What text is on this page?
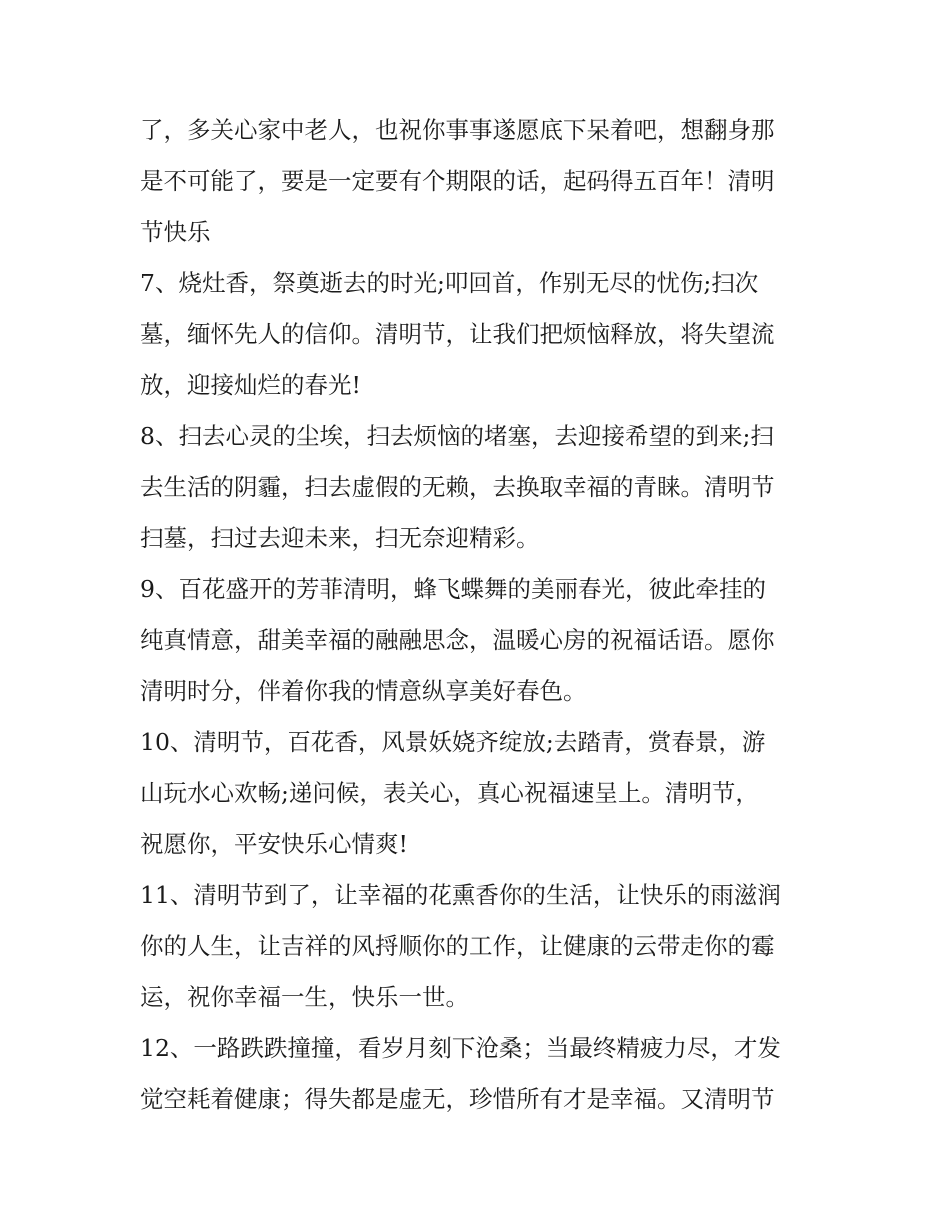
了，多关心家中老人，也祝你事事遂愿底下呆着吧，想翻身那
是不可能了，要是一定要有个期限的话，起码得五百年！清明
节快乐
7、烧灶香，祭奠逝去的时光;叩回首，作别无尽的忧伤;扫次
墓，缅怀先人的信仰。清明节，让我们把烦恼释放，将失望流
放，迎接灿烂的春光!
8、扫去心灵的尘埃，扫去烦恼的堵塞，去迎接希望的到来;扫
去生活的阴霾，扫去虚假的无赖，去换取幸福的青睐。清明节
扫墓，扫过去迎未来，扫无奈迎精彩。
9、百花盛开的芳菲清明，蜂飞蝶舞的美丽春光，彼此牵挂的
纯真情意，甜美幸福的融融思念，温暖心房的祝福话语。愿你
清明时分，伴着你我的情意纵享美好春色。
10、清明节，百花香，风景妖娆齐绽放;去踏青，赏春景，游
山玩水心欢畅;递问候，表关心，真心祝福速呈上。清明节，
祝愿你，平安快乐心情爽!
11、清明节到了，让幸福的花熏香你的生活，让快乐的雨滋润
你的人生，让吉祥的风捋顺你的工作，让健康的云带走你的霉
运，祝你幸福一生，快乐一世。
12、一路跌跌撞撞，看岁月刻下沧桑；当最终精疲力尽，才发
觉空耗着健康；得失都是虚无，珍惜所有才是幸福。又清明节
